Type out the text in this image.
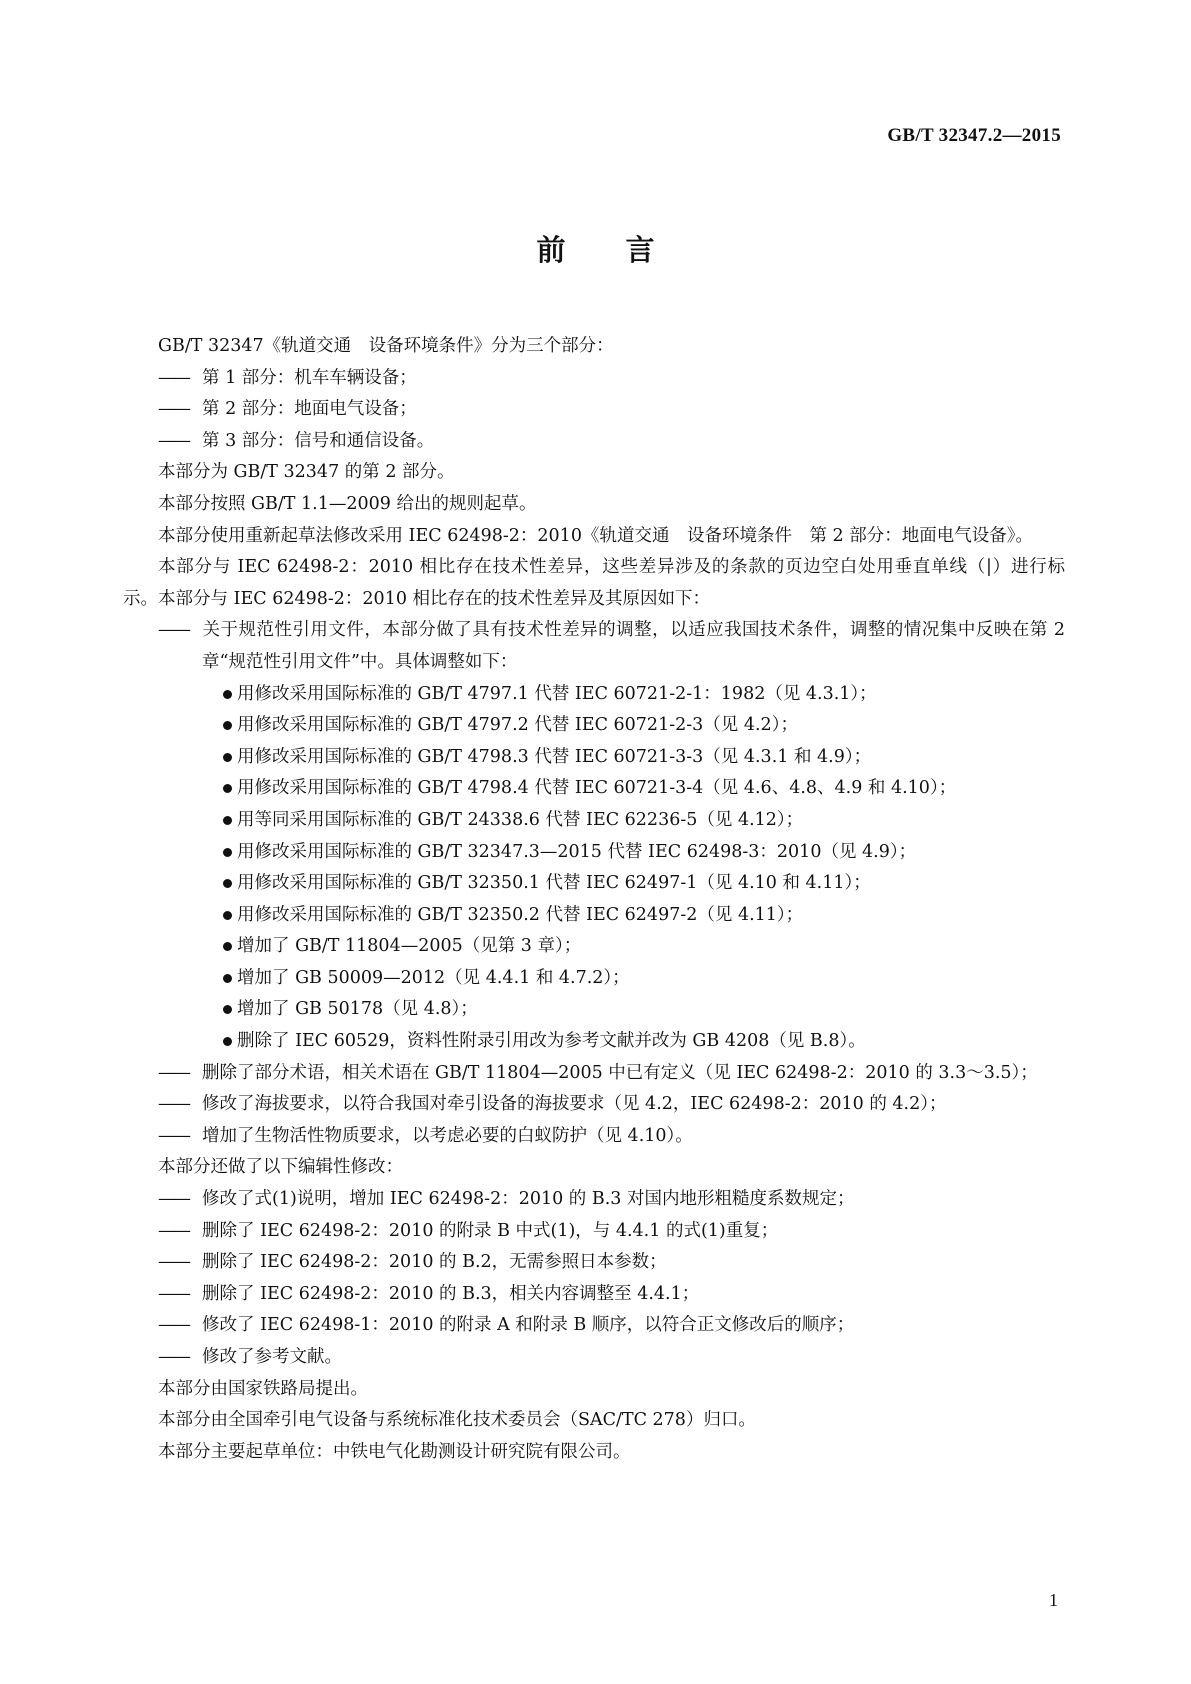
GB/T 32347.2—2015
前言

GB/T 32347《轨道交通　设备环境条件》分为三个部分：

—— 第 1 部分：机车车辆设备；

—— 第 2 部分：地面电气设备；

—— 第 3 部分：信号和通信设备。

本部分为 GB/T 32347 的第 2 部分。

本部分按照 GB/T 1.1—2009 给出的规则起草。

本部分使用重新起草法修改采用 IEC 62498-2：2010《轨道交通　设备环境条件　第 2 部分：地面电气设备》。

本部分与 IEC 62498-2：2010 相比存在技术性差异，这些差异涉及的条款的页边空白处用垂直单线（|）进行标示。本部分与 IEC 62498-2：2010 相比存在的技术性差异及其原因如下：

—— 关于规范性引用文件，本部分做了具有技术性差异的调整，以适应我国技术条件，调整的情况集中反映在第 2 章“规范性引用文件”中。具体调整如下：

用修改采用国际标准的 GB/T 4797.1 代替 IEC 60721-2-1：1982（见 4.3.1）；

用修改采用国际标准的 GB/T 4797.2 代替 IEC 60721-2-3（见 4.2）；

用修改采用国际标准的 GB/T 4798.3 代替 IEC 60721-3-3（见 4.3.1 和 4.9）；

用修改采用国际标准的 GB/T 4798.4 代替 IEC 60721-3-4（见 4.6、4.8、4.9 和 4.10）；

用等同采用国际标准的 GB/T 24338.6 代替 IEC 62236-5（见 4.12）；

用修改采用国际标准的 GB/T 32347.3—2015 代替 IEC 62498-3：2010（见 4.9）；

用修改采用国际标准的 GB/T 32350.1 代替 IEC 62497-1（见 4.10 和 4.11）；

用修改采用国际标准的 GB/T 32350.2 代替 IEC 62497-2（见 4.11）；

增加了 GB/T 11804—2005（见第 3 章）；

增加了 GB 50009—2012（见 4.4.1 和 4.7.2）；

增加了 GB 50178（见 4.8）；

删除了 IEC 60529，资料性附录引用改为参考文献并改为 GB 4208（见 B.8）。

—— 删除了部分术语，相关术语在 GB/T 11804—2005 中已有定义（见 IEC 62498-2：2010 的 3.3～3.5）；

—— 修改了海拔要求，以符合我国对牵引设备的海拔要求（见 4.2，IEC 62498-2：2010 的 4.2）；

—— 增加了生物活性物质要求，以考虑必要的白蚁防护（见 4.10）。

本部分还做了以下编辑性修改：

—— 修改了式(1)说明，增加 IEC 62498-2：2010 的 B.3 对国内地形粗糙度系数规定；

—— 删除了 IEC 62498-2：2010 的附录 B 中式(1)，与 4.4.1 的式(1)重复；

—— 删除了 IEC 62498-2：2010 的 B.2，无需参照日本参数；

—— 删除了 IEC 62498-2：2010 的 B.3，相关内容调整至 4.4.1；

—— 修改了 IEC 62498-1：2010 的附录 A 和附录 B 顺序，以符合正文修改后的顺序；

—— 修改了参考文献。

本部分由国家铁路局提出。

本部分由全国牵引电气设备与系统标准化技术委员会（SAC/TC 278）归口。

本部分主要起草单位：中铁电气化勘测设计研究院有限公司。

1
